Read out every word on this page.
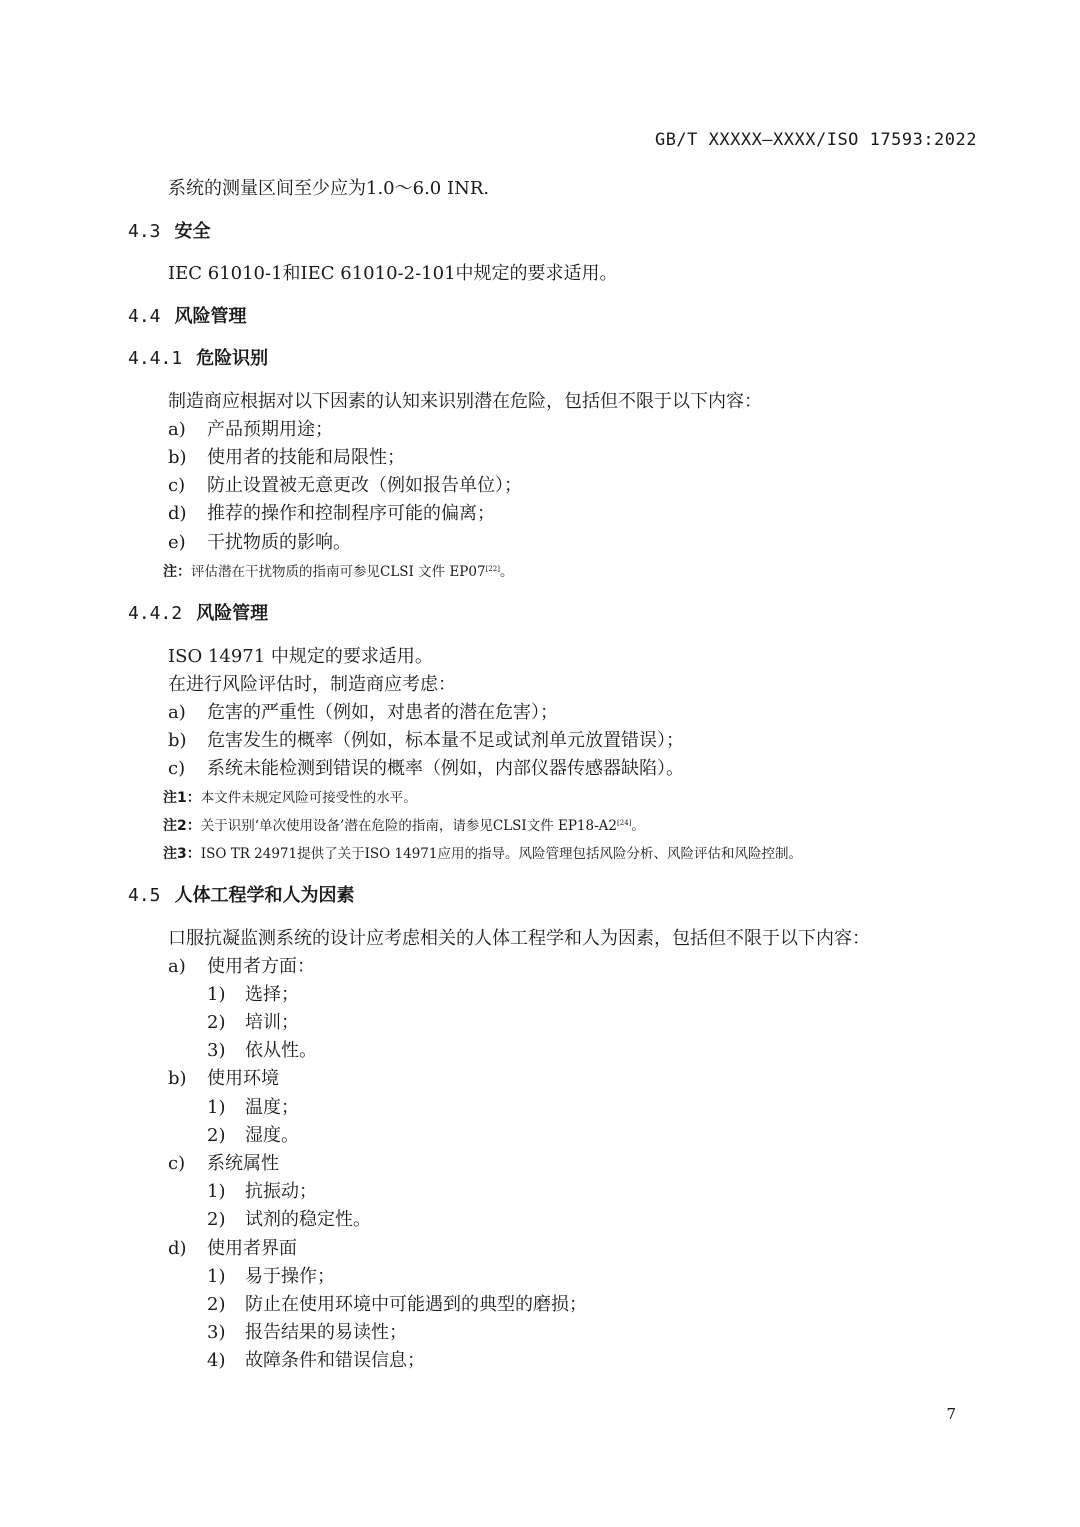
GB/T XXXXX—XXXX/ISO 17593:2022
系统的测量区间至少应为1.0～6.0 INR.
4.3 安全
IEC 61010-1和IEC 61010-2-101中规定的要求适用。
4.4 风险管理
4.4.1 危险识别
制造商应根据对以下因素的认知来识别潜在危险，包括但不限于以下内容：
a) 产品预期用途；
b) 使用者的技能和局限性；
c) 防止设置被无意更改（例如报告单位）；
d) 推荐的操作和控制程序可能的偏离；
e) 干扰物质的影响。
注：评估潜在干扰物质的指南可参见CLSI 文件 EP07[22]。
4.4.2 风险管理
ISO 14971 中规定的要求适用。
在进行风险评估时，制造商应考虑：
a) 危害的严重性（例如，对患者的潜在危害）；
b) 危害发生的概率（例如，标本量不足或试剂单元放置错误）；
c) 系统未能检测到错误的概率（例如，内部仪器传感器缺陷）。
注1：本文件未规定风险可接受性的水平。
注2：关于识别‘单次使用设备’潜在危险的指南，请参见CLSI文件 EP18-A2[24]。
注3：ISO TR 24971提供了关于ISO 14971应用的指导。风险管理包括风险分析、风险评估和风险控制。
4.5 人体工程学和人为因素
口服抗凝监测系统的设计应考虑相关的人体工程学和人为因素，包括但不限于以下内容：
a) 使用者方面：
1) 选择；
2) 培训；
3) 依从性。
b) 使用环境
1) 温度；
2) 湿度。
c) 系统属性
1) 抗振动；
2) 试剂的稳定性。
d) 使用者界面
1) 易于操作；
2) 防止在使用环境中可能遇到的典型的磨损；
3) 报告结果的易读性；
4) 故障条件和错误信息；
7
